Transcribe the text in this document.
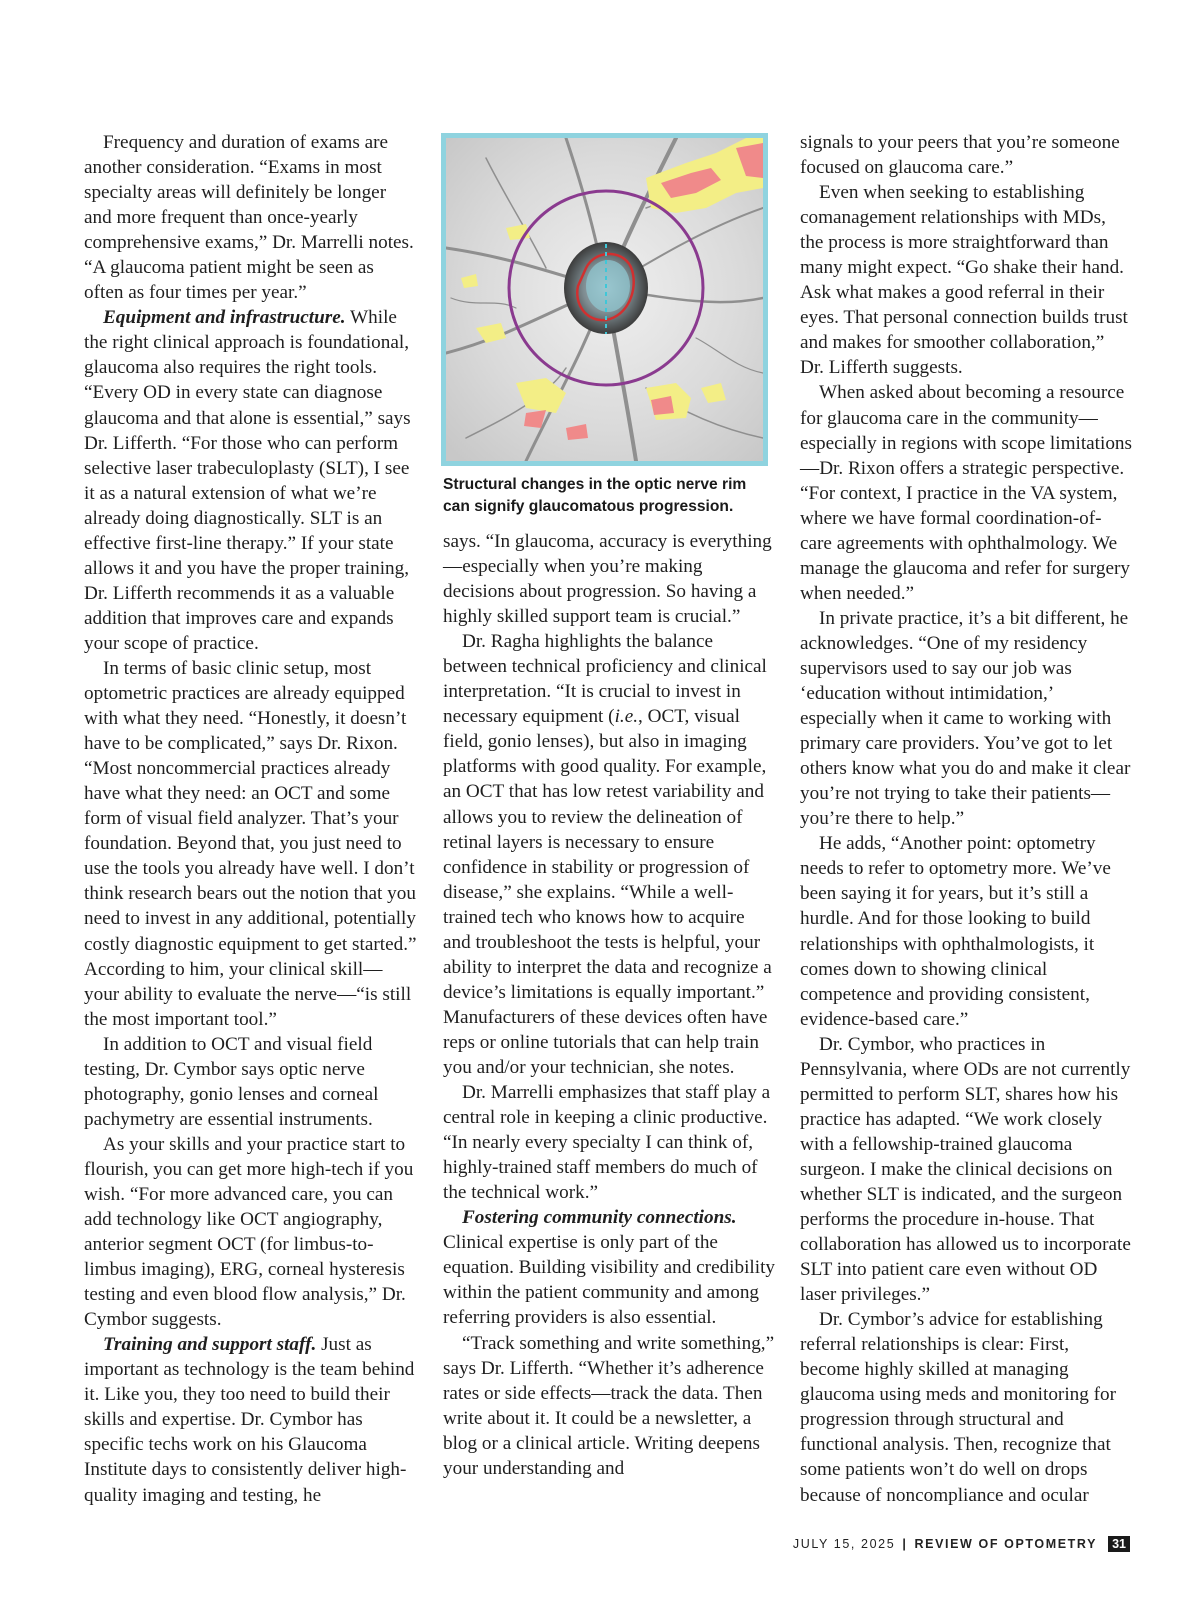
Frequency and duration of exams are another consideration. “Exams in most specialty areas will definitely be longer and more frequent than once-yearly comprehensive exams,” Dr. Marrelli notes. “A glaucoma patient might be seen as often as four times per year.”

Equipment and infrastructure. While the right clinical approach is foundational, glaucoma also requires the right tools. “Every OD in every state can diagnose glaucoma and that alone is essential,” says Dr. Lifferth. “For those who can perform selective laser trabeculoplasty (SLT), I see it as a natural extension of what we’re already doing diagnostically. SLT is an effective first-line therapy.” If your state allows it and you have the proper training, Dr. Lifferth recommends it as a valuable addition that improves care and expands your scope of practice.

In terms of basic clinic setup, most optometric practices are already equipped with what they need. “Honestly, it doesn’t have to be complicated,” says Dr. Rixon. “Most noncommercial practices already have what they need: an OCT and some form of visual field analyzer. That’s your foundation. Beyond that, you just need to use the tools you already have well. I don’t think research bears out the notion that you need to invest in any additional, potentially costly diagnostic equipment to get started.” According to him, your clinical skill—your ability to evaluate the nerve—“is still the most important tool.”

In addition to OCT and visual field testing, Dr. Cymbor says optic nerve photography, gonio lenses and corneal pachymetry are essential instruments.

As your skills and your practice start to flourish, you can get more high-tech if you wish. “For more advanced care, you can add technology like OCT angiography, anterior segment OCT (for limbus-to-limbus imaging), ERG, corneal hysteresis testing and even blood flow analysis,” Dr. Cymbor suggests.

Training and support staff. Just as important as technology is the team behind it. Like you, they too need to build their skills and expertise. Dr. Cymbor has specific techs work on his Glaucoma Institute days to consistently deliver high-quality imaging and testing, he

Structural changes in the optic nerve rim can signify glaucomatous progression.

says. “In glaucoma, accuracy is everything—especially when you’re making decisions about progression. So having a highly skilled support team is crucial.”

Dr. Ragha highlights the balance between technical proficiency and clinical interpretation. “It is crucial to invest in necessary equipment (i.e., OCT, visual field, gonio lenses), but also in imaging platforms with good quality. For example, an OCT that has low retest variability and allows you to review the delineation of retinal layers is necessary to ensure confidence in stability or progression of disease,” she explains. “While a well-trained tech who knows how to acquire and troubleshoot the tests is helpful, your ability to interpret the data and recognize a device’s limitations is equally important.” Manufacturers of these devices often have reps or online tutorials that can help train you and/or your technician, she notes.

Dr. Marrelli emphasizes that staff play a central role in keeping a clinic productive. “In nearly every specialty I can think of, highly-trained staff members do much of the technical work.”

Fostering community connections. Clinical expertise is only part of the equation. Building visibility and credibility within the patient community and among referring providers is also essential.

“Track something and write something,” says Dr. Lifferth. “Whether it’s adherence rates or side effects—track the data. Then write about it. It could be a newsletter, a blog or a clinical article. Writing deepens your understanding and

signals to your peers that you’re someone focused on glaucoma care.”

Even when seeking to establishing comanagement relationships with MDs, the process is more straightforward than many might expect. “Go shake their hand. Ask what makes a good referral in their eyes. That personal connection builds trust and makes for smoother collaboration,” Dr. Lifferth suggests.

When asked about becoming a resource for glaucoma care in the community—especially in regions with scope limitations—Dr. Rixon offers a strategic perspective. “For context, I practice in the VA system, where we have formal coordination-of-care agreements with ophthalmology. We manage the glaucoma and refer for surgery when needed.”

In private practice, it’s a bit different, he acknowledges. “One of my residency supervisors used to say our job was ‘education without intimidation,’ especially when it came to working with primary care providers. You’ve got to let others know what you do and make it clear you’re not trying to take their patients—you’re there to help.”

He adds, “Another point: optometry needs to refer to optometry more. We’ve been saying it for years, but it’s still a hurdle. And for those looking to build relationships with ophthalmologists, it comes down to showing clinical competence and providing consistent, evidence-based care.”

Dr. Cymbor, who practices in Pennsylvania, where ODs are not currently permitted to perform SLT, shares how his practice has adapted. “We work closely with a fellowship-trained glaucoma surgeon. I make the clinical decisions on whether SLT is indicated, and the surgeon performs the procedure in-house. That collaboration has allowed us to incorporate SLT into patient care even without OD laser privileges.”

Dr. Cymbor’s advice for establishing referral relationships is clear: First, become highly skilled at managing glaucoma using meds and monitoring for progression through structural and functional analysis. Then, recognize that some patients won’t do well on drops because of noncompliance and ocular

JULY 15, 2025 | REVIEW OF OPTOMETRY 31
